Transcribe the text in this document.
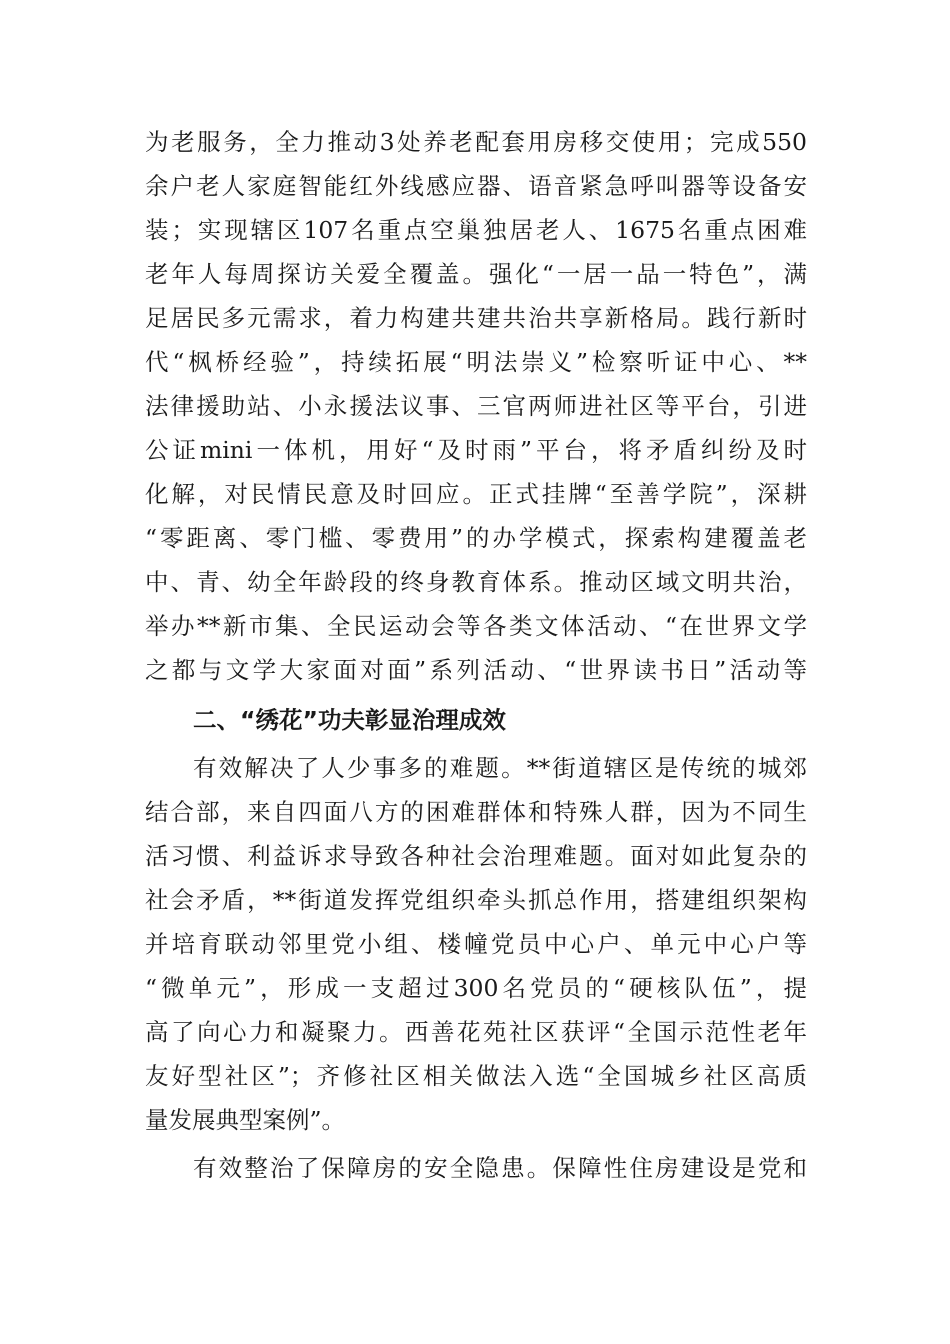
为老服务，全力推动3处养老配套用房移交使用；完成550
余户老人家庭智能红外线感应器、语音紧急呼叫器等设备安
装；实现辖区107名重点空巢独居老人、1675名重点困难
老年人每周探访关爱全覆盖。强化“一居一品一特色”，满
足居民多元需求，着力构建共建共治共享新格局。践行新时
代“枫桥经验”，持续拓展“明法崇义”检察听证中心、**
法律援助站、小永援法议事、三官两师进社区等平台，引进
公证mini一体机，用好“及时雨”平台，将矛盾纠纷及时
化解，对民情民意及时回应。正式挂牌“至善学院”，深耕
“零距离、零门槛、零费用”的办学模式，探索构建覆盖老
中、青、幼全年龄段的终身教育体系。推动区域文明共治，
举办**新市集、全民运动会等各类文体活动、“在世界文学
之都与文学大家面对面”系列活动、“世界读书日”活动等
二、“绣花”功夫彰显治理成效
有效解决了人少事多的难题。**街道辖区是传统的城郊
结合部，来自四面八方的困难群体和特殊人群，因为不同生
活习惯、利益诉求导致各种社会治理难题。面对如此复杂的
社会矛盾，**街道发挥党组织牵头抓总作用，搭建组织架构
并培育联动邻里党小组、楼幢党员中心户、单元中心户等
“微单元”，形成一支超过300名党员的“硬核队伍”，提
高了向心力和凝聚力。西善花苑社区获评“全国示范性老年
友好型社区”；齐修社区相关做法入选“全国城乡社区高质
量发展典型案例”。
有效整治了保障房的安全隐患。保障性住房建设是党和
